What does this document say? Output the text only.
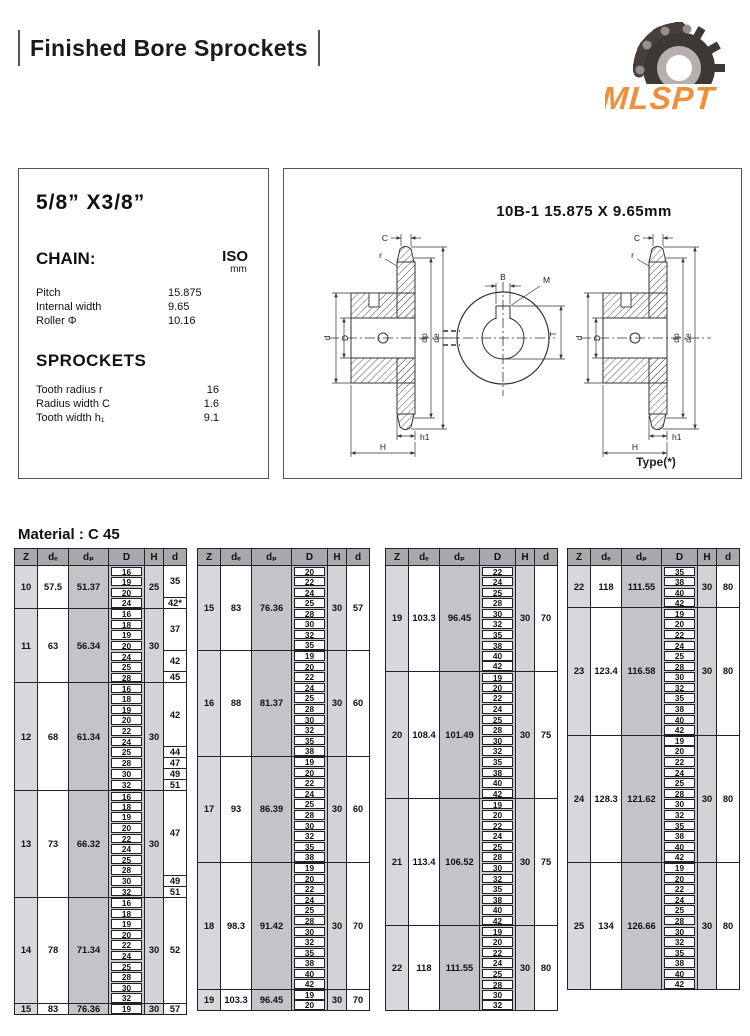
Finished Bore Sprockets
MLSPT
5/8” X3/8”
CHAIN:	ISO
mm
Pitch	15.875
Internal width	9.65
Roller Φ	10.16
SPROCKETS
Tooth radius r	16
Radius width C	1.6
Tooth width h₁	9.1
d D	dp de
h1
H
C
r
B	M
T
d D	dp de
h1
H
C
r
Type(*)
10B-1 15.875 X 9.65mm
Material : C 45
Z	dₑ	dₚ	D	H	d
10	57.5	51.37	16	25	35

			19		

			20		

			24		42*
11	63	56.34	16	30	37

			18		

			19		

			20		

			24		42

			25		

			28		45
12	68	61.34	16	30	42

			18		

			19		

			20		

			22		

			24		

			25		44

			28		47

			30		49

			32		51
13	73	66.32	16	30	47

			18		

			19		

			20		

			22		

			24		

			25		

			28		

			30		49

			32		51
14	78	71.34	16	30	52

			18		

			19		

			20		

			22		

			24		

			25		

			28		

			30		

			32		

15	83	76.36	19	30	57
Z	dₑ	dₚ	D	H	d
15	83	76.36	20	30	57

			22		

			24		

			25		

			28		

			30		

			32		

			35		

16	88	81.37	19	30	60

			20		

			22		

			24		

			25		

			28		

			30		

			32		

			35		

			38		

17	93	86.39	19	30	60

			20		

			22		

			24		

			25		

			28		

			30		

			32		

			35		

			38		

18	98.3	91.42	19	30	70

			20		

			22		

			24		

			25		

			28		

			30		

			32		

			35		

			38		

			40		

			42		

19	103.3	96.45	19	30	70

			20		
Z	dₑ	dₚ	D	H	d
19	103.3	96.45	22	30	70

			24		

			25		

			28		

			30		

			32		

			35		

			38		

			40		

			42		

20	108.4	101.49	19	30	75

			20		

			22		

			24		

			25		

			28		

			30		

			32		

			35		

			38		

			40		

			42		

21	113.4	106.52	19	30	75

			20		

			22		

			24		

			25		

			28		

			30		

			32		

			35		

			38		

			40		

			42		

22	118	111.55	19	30	80

			20		

			22		

			24		

			25		

			28		

			30		

			32		
Z	dₑ	dₚ	D	H	d
22	118	111.55	35	30	80

			38		

			40		

			42		

23	123.4	116.58	19	30	80

			20		

			22		

			24		

			25		

			28		

			30		

			32		

			35		

			38		

			40		

			42		

24	128.3	121.62	19	30	80

			20		

			22		

			24		

			25		

			28		

			30		

			32		

			35		

			38		

			40		

			42		

25	134	126.66	19	30	80

			20		

			22		

			24		

			25		

			28		

			30		

			32		

			35		

			38		

			40		

			42		
